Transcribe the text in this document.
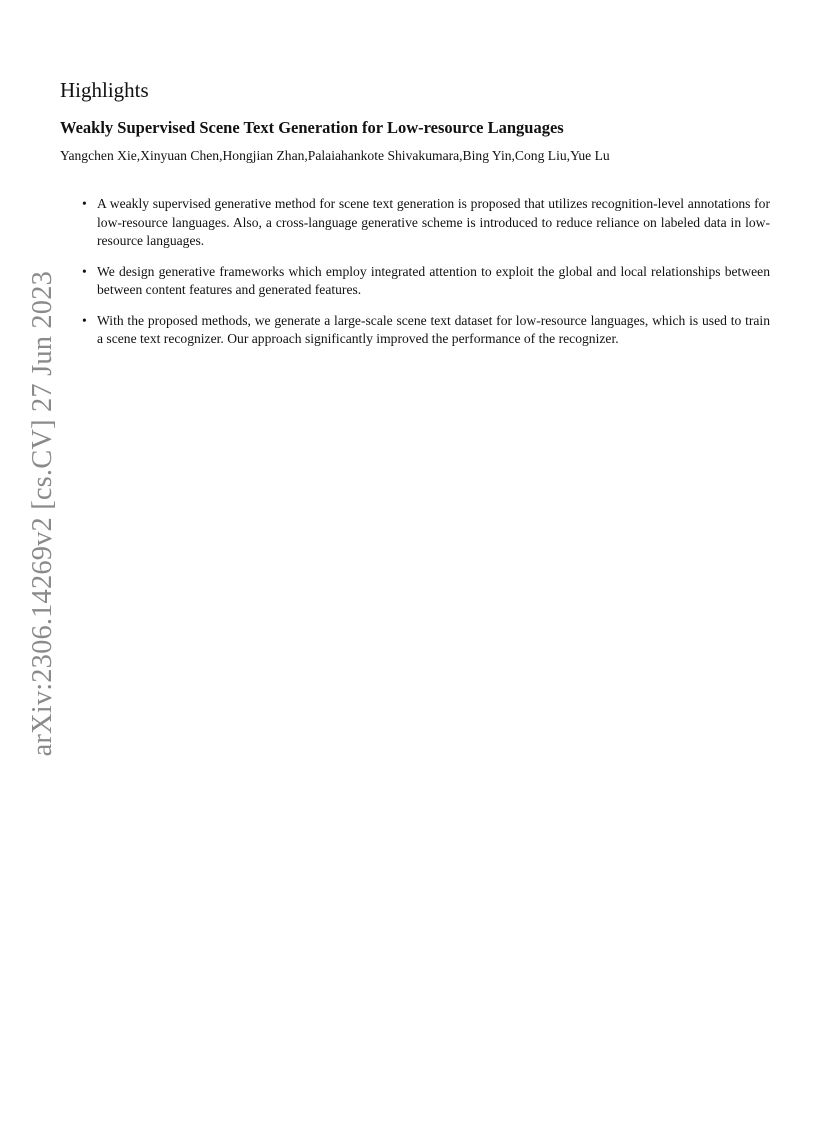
arXiv:2306.14269v2 [cs.CV] 27 Jun 2023
Highlights
Weakly Supervised Scene Text Generation for Low-resource Languages

Yangchen Xie,Xinyuan Chen,Hongjian Zhan,Palaiahankote Shivakumara,Bing Yin,Cong Liu,Yue Lu

• A weakly supervised generative method for scene text generation is proposed that utilizes recognition-level annotations for low-resource languages. Also, a cross-language generative scheme is introduced to reduce reliance on labeled data in low-resource languages.
• We design generative frameworks which employ integrated attention to exploit the global and local relationships between between content features and generated features.
• With the proposed methods, we generate a large-scale scene text dataset for low-resource languages, which is used to train a scene text recognizer. Our approach significantly improved the performance of the recognizer.
